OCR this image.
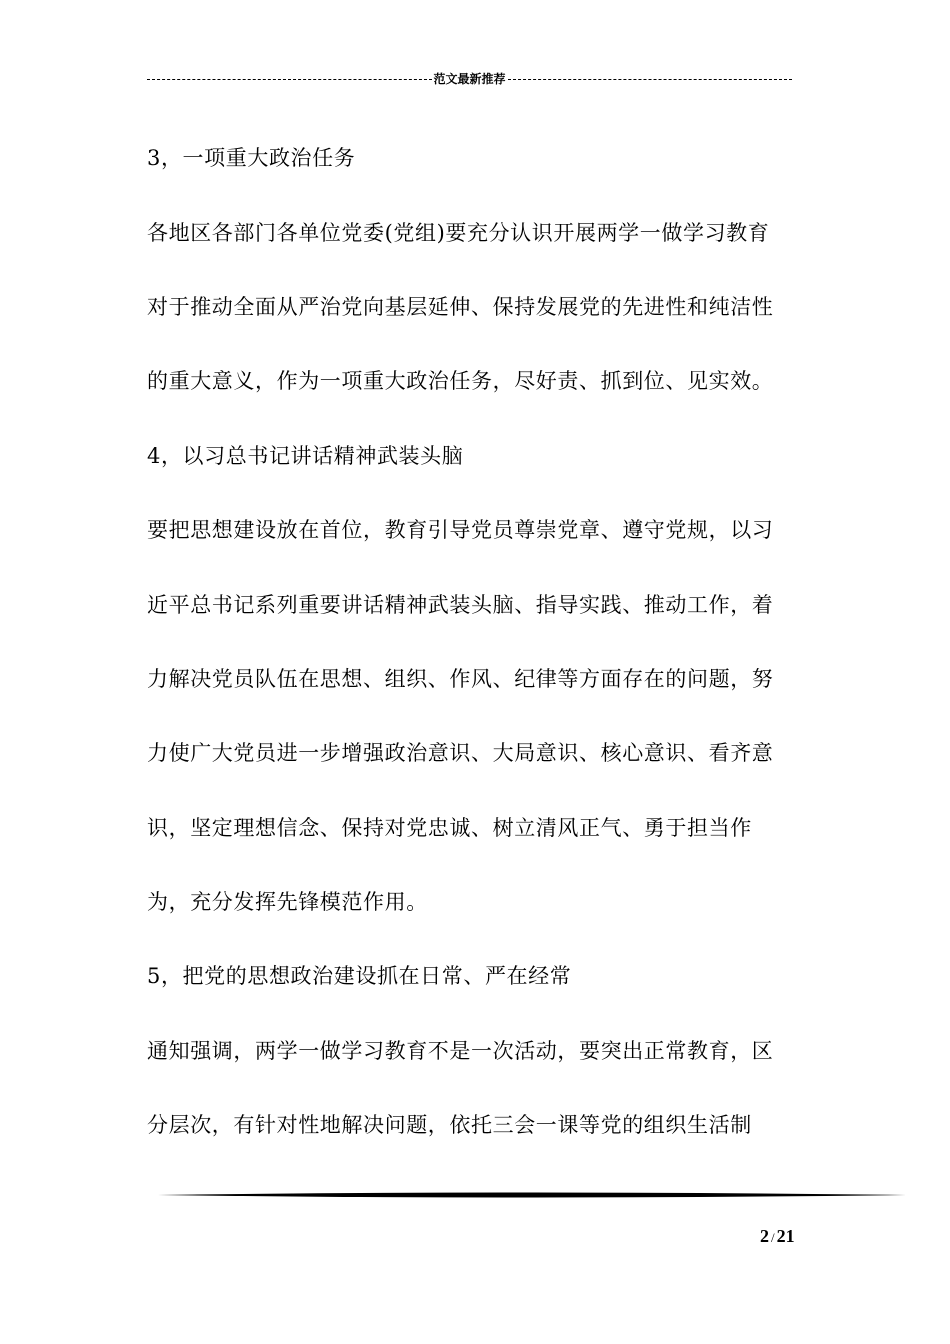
范文最新推荐
3，一项重大政治任务
各地区各部门各单位党委(党组)要充分认识开展两学一做学习教育
对于推动全面从严治党向基层延伸、保持发展党的先进性和纯洁性
的重大意义，作为一项重大政治任务，尽好责、抓到位、见实效。
4，以习总书记讲话精神武装头脑
要把思想建设放在首位，教育引导党员尊崇党章、遵守党规，以习
近平总书记系列重要讲话精神武装头脑、指导实践、推动工作，着
力解决党员队伍在思想、组织、作风、纪律等方面存在的问题，努
力使广大党员进一步增强政治意识、大局意识、核心意识、看齐意
识，坚定理想信念、保持对党忠诚、树立清风正气、勇于担当作
为，充分发挥先锋模范作用。
5，把党的思想政治建设抓在日常、严在经常
通知强调，两学一做学习教育不是一次活动，要突出正常教育，区
分层次，有针对性地解决问题，依托三会一课等党的组织生活制
2 / 21
